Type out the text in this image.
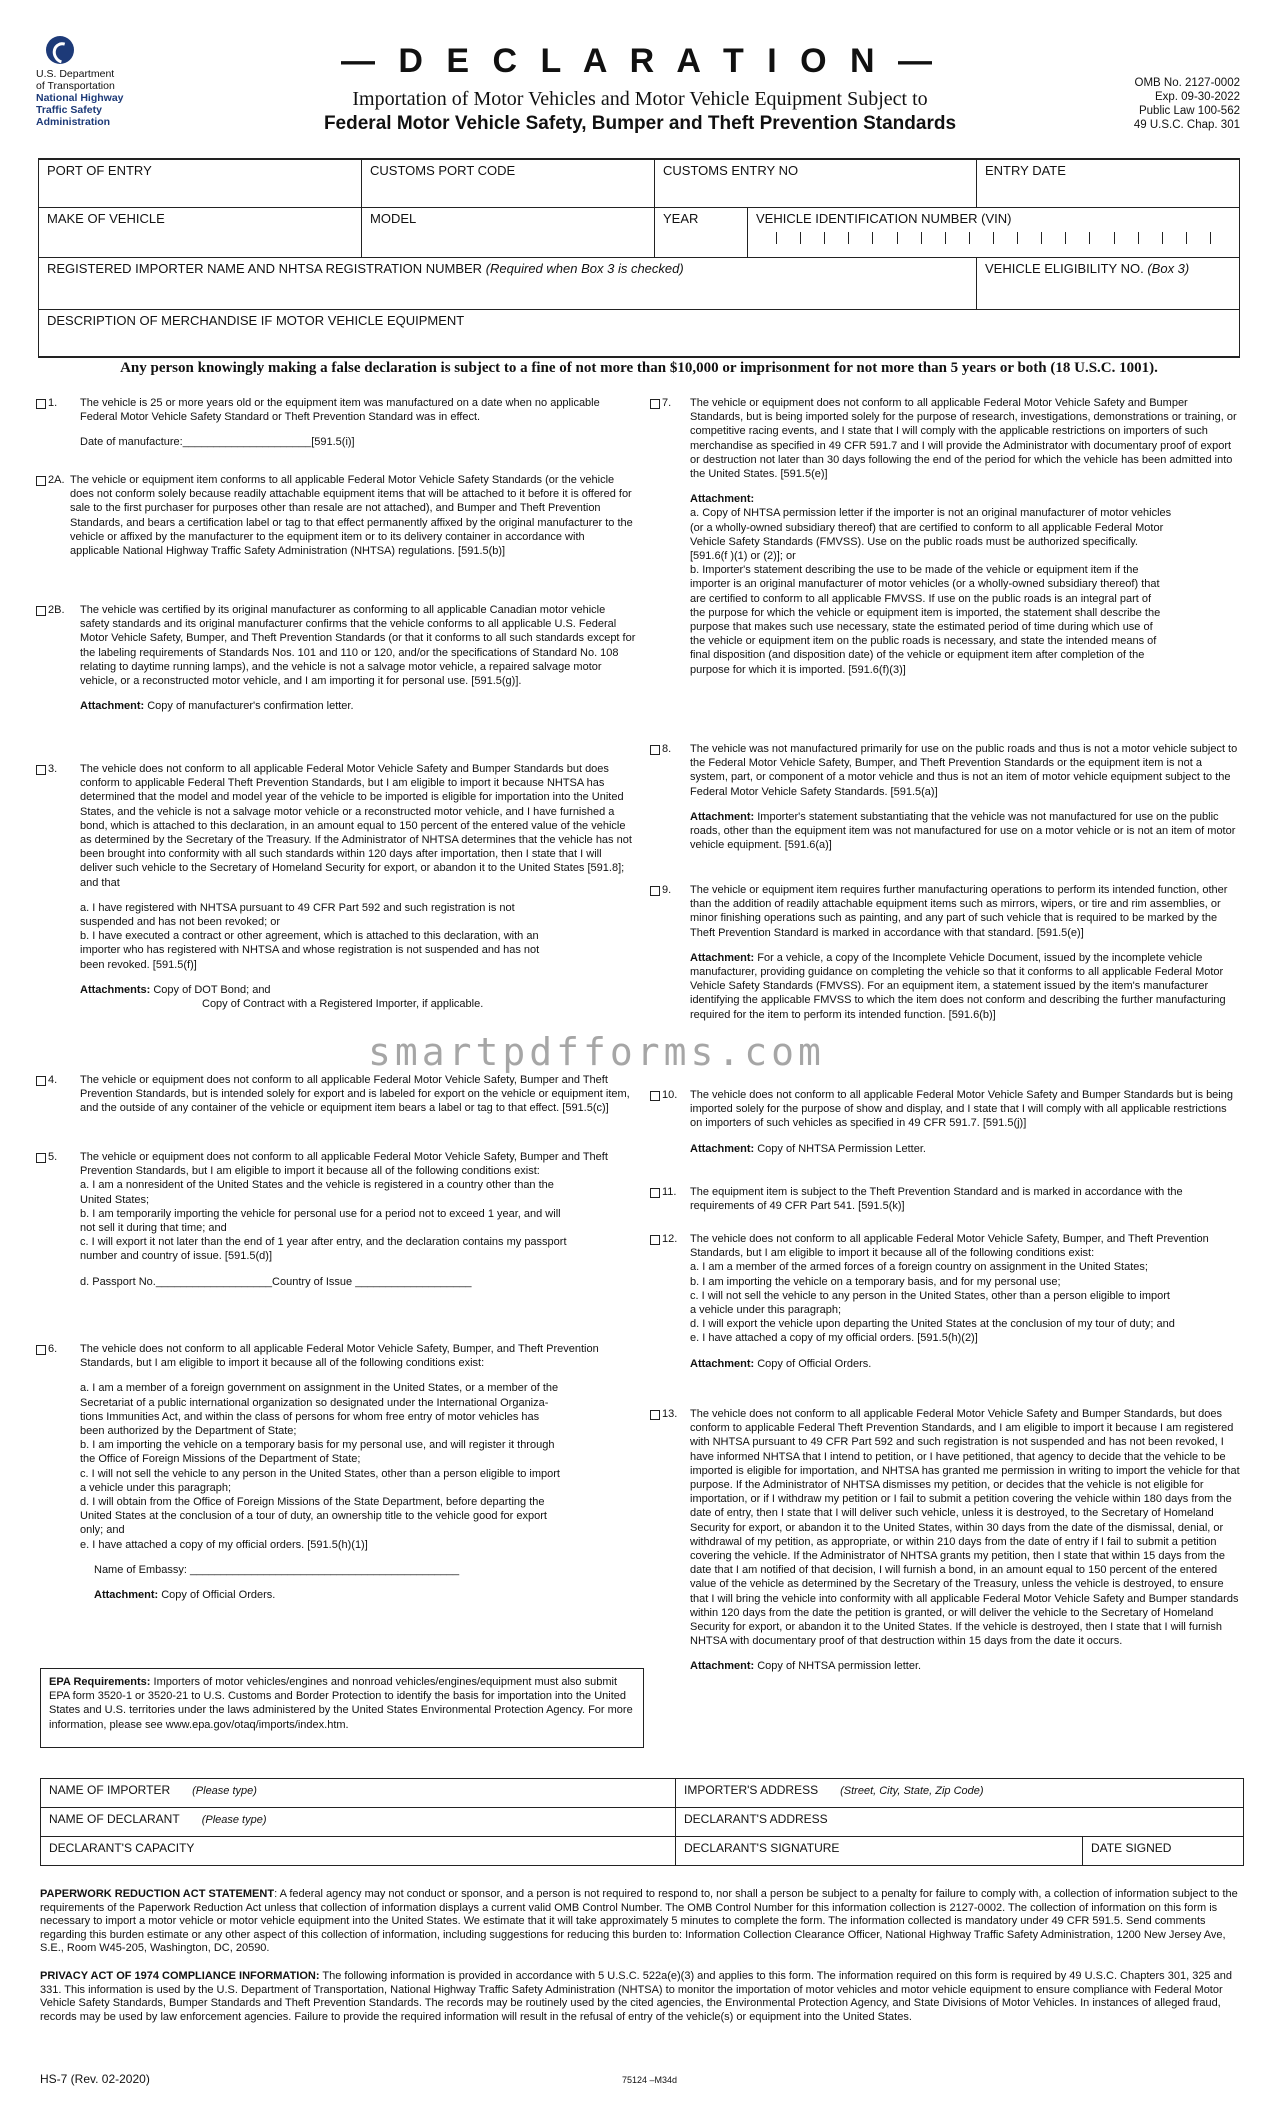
U.S. Department
of Transportation
National Highway
Traffic Safety
Administration
— D E C L A R A T I O N —
Importation of Motor Vehicles and Motor Vehicle Equipment Subject to
Federal Motor Vehicle Safety, Bumper and Theft Prevention Standards
OMB No. 2127-0002
Exp. 09-30-2022
Public Law 100-562
49 U.S.C. Chap. 301
PORT OF ENTRY	CUSTOMS PORT CODE	CUSTOMS ENTRY NO		ENTRY DATE
MAKE OF VEHICLE	MODEL	YEAR	VEHICLE IDENTIFICATION NUMBER (VIN)	

REGISTERED IMPORTER NAME AND NHTSA REGISTRATION NUMBER (Required when Box 3 is checked)				VEHICLE ELIGIBILITY NO. (Box 3)
DESCRIPTION OF MERCHANDISE IF MOTOR VEHICLE EQUIPMENT				
Any person knowingly making a false declaration is subject to a fine of not more than $10,000 or imprisonment for not more than 5 years or both (18 U.S.C. 1001).
1. The vehicle is 25 or more years old or the equipment item was manufactured on a date when no applicable Federal Motor Vehicle Safety Standard or Theft Prevention Standard was in effect.
Date of manufacture:_____________________[591.5(i)]
2A. The vehicle or equipment item conforms to all applicable Federal Motor Vehicle Safety Standards (or the vehicle does not conform solely because readily attachable equipment items that will be attached to it before it is offered for sale to the first purchaser for purposes other than resale are not attached), and Bumper and Theft Prevention Standards, and bears a certification label or tag to that effect permanently affixed by the original manufacturer to the vehicle or affixed by the manufacturer to the equipment item or to its delivery container in accordance with applicable National Highway Traffic Safety Administration (NHTSA) regulations. [591.5(b)]
2B. The vehicle was certified by its original manufacturer as conforming to all applicable Canadian motor vehicle safety standards and its original manufacturer confirms that the vehicle conforms to all applicable U.S. Federal Motor Vehicle Safety, Bumper, and Theft Prevention Standards (or that it conforms to all such standards except for the labeling requirements of Standards Nos. 101 and 110 or 120, and/or the specifications of Standard No. 108 relating to daytime running lamps), and the vehicle is not a salvage motor vehicle, a repaired salvage motor vehicle, or a reconstructed motor vehicle, and I am importing it for personal use. [591.5(g)].
Attachment: Copy of manufacturer's confirmation letter.
3. The vehicle does not conform to all applicable Federal Motor Vehicle Safety and Bumper Standards but does conform to applicable Federal Theft Prevention Standards, but I am eligible to import it because NHTSA has determined that the model and model year of the vehicle to be imported is eligible for importation into the United States, and the vehicle is not a salvage motor vehicle or a reconstructed motor vehicle, and I have furnished a bond, which is attached to this declaration, in an amount equal to 150 percent of the entered value of the vehicle as determined by the Secretary of the Treasury. If the Administrator of NHTSA determines that the vehicle has not been brought into conformity with all such standards within 120 days after importation, then I state that I will deliver such vehicle to the Secretary of Homeland Security for export, or abandon it to the United States [591.8]; and that
a. I have registered with NHTSA pursuant to 49 CFR Part 592 and such registration is not
suspended and has not been revoked; or
b. I have executed a contract or other agreement, which is attached to this declaration, with an
importer who has registered with NHTSA and whose registration is not suspended and has not
been revoked. [591.5(f)]
Attachments: Copy of DOT Bond; and
Copy of Contract with a Registered Importer, if applicable.
4. The vehicle or equipment does not conform to all applicable Federal Motor Vehicle Safety, Bumper and Theft Prevention Standards, but is intended solely for export and is labeled for export on the vehicle or equipment item, and the outside of any container of the vehicle or equipment item bears a label or tag to that effect. [591.5(c)]
5. The vehicle or equipment does not conform to all applicable Federal Motor Vehicle Safety, Bumper and Theft Prevention Standards, but I am eligible to import it because all of the following conditions exist:
a. I am a nonresident of the United States and the vehicle is registered in a country other than the
United States;
b. I am temporarily importing the vehicle for personal use for a period not to exceed 1 year, and will
not sell it during that time; and
c. I will export it not later than the end of 1 year after entry, and the declaration contains my passport
number and country of issue. [591.5(d)]
d. Passport No.___________________Country of Issue ___________________
6. The vehicle does not conform to all applicable Federal Motor Vehicle Safety, Bumper, and Theft Prevention Standards, but I am eligible to import it because all of the following conditions exist:
a. I am a member of a foreign government on assignment in the United States, or a member of the
Secretariat of a public international organization so designated under the International Organiza-
tions Immunities Act, and within the class of persons for whom free entry of motor vehicles has
been authorized by the Department of State;
b. I am importing the vehicle on a temporary basis for my personal use, and will register it through
the Office of Foreign Missions of the Department of State;
c. I will not sell the vehicle to any person in the United States, other than a person eligible to import
a vehicle under this paragraph;
d. I will obtain from the Office of Foreign Missions of the State Department, before departing the
United States at the conclusion of a tour of duty, an ownership title to the vehicle good for export
only; and
e. I have attached a copy of my official orders. [591.5(h)(1)]
Name of Embassy: ____________________________________________
Attachment: Copy of Official Orders.
EPA Requirements: Importers of motor vehicles/engines and nonroad vehicles/engines/equipment must also submit EPA form 3520-1 or 3520-21 to U.S. Customs and Border Protection to identify the basis for importation into the United States and U.S. territories under the laws administered by the United States Environmental Protection Agency. For more information, please see www.epa.gov/otaq/imports/index.htm.
7. The vehicle or equipment does not conform to all applicable Federal Motor Vehicle Safety and Bumper Standards, but is being imported solely for the purpose of research, investigations, demonstrations or training, or competitive racing events, and I state that I will comply with the applicable restrictions on importers of such merchandise as specified in 49 CFR 591.7 and I will provide the Administrator with documentary proof of export or destruction not later than 30 days following the end of the period for which the vehicle has been admitted into the United States. [591.5(e)]
Attachment:
a. Copy of NHTSA permission letter if the importer is not an original manufacturer of motor vehicles
(or a wholly-owned subsidiary thereof) that are certified to conform to all applicable Federal Motor
Vehicle Safety Standards (FMVSS). Use on the public roads must be authorized specifically.
[591.6(f )(1) or (2)]; or
b. Importer's statement describing the use to be made of the vehicle or equipment item if the
importer is an original manufacturer of motor vehicles (or a wholly-owned subsidiary thereof) that
are certified to conform to all applicable FMVSS. If use on the public roads is an integral part of
the purpose for which the vehicle or equipment item is imported, the statement shall describe the
purpose that makes such use necessary, state the estimated period of time during which use of
the vehicle or equipment item on the public roads is necessary, and state the intended means of
final disposition (and disposition date) of the vehicle or equipment item after completion of the
purpose for which it is imported. [591.6(f)(3)]
8. The vehicle was not manufactured primarily for use on the public roads and thus is not a motor vehicle subject to the Federal Motor Vehicle Safety, Bumper, and Theft Prevention Standards or the equipment item is not a system, part, or component of a motor vehicle and thus is not an item of motor vehicle equipment subject to the Federal Motor Vehicle Safety Standards. [591.5(a)]
Attachment: Importer's statement substantiating that the vehicle was not manufactured for use on the public roads, other than the equipment item was not manufactured for use on a motor vehicle or is not an item of motor vehicle equipment. [591.6(a)]
9. The vehicle or equipment item requires further manufacturing operations to perform its intended function, other than the addition of readily attachable equipment items such as mirrors, wipers, or tire and rim assemblies, or minor finishing operations such as painting, and any part of such vehicle that is required to be marked by the Theft Prevention Standard is marked in accordance with that standard. [591.5(e)]
Attachment: For a vehicle, a copy of the Incomplete Vehicle Document, issued by the incomplete vehicle manufacturer, providing guidance on completing the vehicle so that it conforms to all applicable Federal Motor Vehicle Safety Standards (FMVSS). For an equipment item, a statement issued by the item's manufacturer identifying the applicable FMVSS to which the item does not conform and describing the further manufacturing required for the item to perform its intended function. [591.6(b)]
10. The vehicle does not conform to all applicable Federal Motor Vehicle Safety and Bumper Standards but is being imported solely for the purpose of show and display, and I state that I will comply with all applicable restrictions on importers of such vehicles as specified in 49 CFR 591.7. [591.5(j)]
Attachment: Copy of NHTSA Permission Letter.
11. The equipment item is subject to the Theft Prevention Standard and is marked in accordance with the requirements of 49 CFR Part 541. [591.5(k)]
12. The vehicle does not conform to all applicable Federal Motor Vehicle Safety, Bumper, and Theft Prevention Standards, but I am eligible to import it because all of the following conditions exist:
a. I am a member of the armed forces of a foreign country on assignment in the United States;
b. I am importing the vehicle on a temporary basis, and for my personal use;
c. I will not sell the vehicle to any person in the United States, other than a person eligible to import
a vehicle under this paragraph;
d. I will export the vehicle upon departing the United States at the conclusion of my tour of duty; and
e. I have attached a copy of my official orders. [591.5(h)(2)]
Attachment: Copy of Official Orders.
13. The vehicle does not conform to all applicable Federal Motor Vehicle Safety and Bumper Standards, but does conform to applicable Federal Theft Prevention Standards, and I am eligible to import it because I am registered with NHTSA pursuant to 49 CFR Part 592 and such registration is not suspended and has not been revoked, I have informed NHTSA that I intend to petition, or I have petitioned, that agency to decide that the vehicle to be imported is eligible for importation, and NHTSA has granted me permission in writing to import the vehicle for that purpose. If the Administrator of NHTSA dismisses my petition, or decides that the vehicle is not eligible for importation, or if I withdraw my petition or I fail to submit a petition covering the vehicle within 180 days from the date of entry, then I state that I will deliver such vehicle, unless it is destroyed, to the Secretary of Homeland Security for export, or abandon it to the United States, within 30 days from the date of the dismissal, denial, or withdrawal of my petition, as appropriate, or within 210 days from the date of entry if I fail to submit a petition covering the vehicle. If the Administrator of NHTSA grants my petition, then I state that within 15 days from the date that I am notified of that decision, I will furnish a bond, in an amount equal to 150 percent of the entered value of the vehicle as determined by the Secretary of the Treasury, unless the vehicle is destroyed, to ensure that I will bring the vehicle into conformity with all applicable Federal Motor Vehicle Safety and Bumper standards within 120 days from the date the petition is granted, or will deliver the vehicle to the Secretary of Homeland Security for export, or abandon it to the United States. If the vehicle is destroyed, then I state that I will furnish NHTSA with documentary proof of that destruction within 15 days from the date it occurs.
Attachment: Copy of NHTSA permission letter.
smartpdfforms.com
NAME OF IMPORTER (Please type)	IMPORTER'S ADDRESS (Street, City, State, Zip Code)	
NAME OF DECLARANT (Please type)	DECLARANT'S ADDRESS	
DECLARANT'S CAPACITY	DECLARANT'S SIGNATURE	DATE SIGNED
PAPERWORK REDUCTION ACT STATEMENT: A federal agency may not conduct or sponsor, and a person is not required to respond to, nor shall a person be subject to a penalty for failure to comply with, a collection of information subject to the requirements of the Paperwork Reduction Act unless that collection of information displays a current valid OMB Control Number. The OMB Control Number for this information collection is 2127-0002. The collection of information on this form is necessary to import a motor vehicle or motor vehicle equipment into the United States. We estimate that it will take approximately 5 minutes to complete the form. The information collected is mandatory under 49 CFR 591.5. Send comments regarding this burden estimate or any other aspect of this collection of information, including suggestions for reducing this burden to: Information Collection Clearance Officer, National Highway Traffic Safety Administration, 1200 New Jersey Ave, S.E., Room W45-205, Washington, DC, 20590.
PRIVACY ACT OF 1974 COMPLIANCE INFORMATION: The following information is provided in accordance with 5 U.S.C. 522a(e)(3) and applies to this form. The information required on this form is required by 49 U.S.C. Chapters 301, 325 and 331. This information is used by the U.S. Department of Transportation, National Highway Traffic Safety Administration (NHTSA) to monitor the importation of motor vehicles and motor vehicle equipment to ensure compliance with Federal Motor Vehicle Safety Standards, Bumper Standards and Theft Prevention Standards. The records may be routinely used by the cited agencies, the Environmental Protection Agency, and State Divisions of Motor Vehicles. In instances of alleged fraud, records may be used by law enforcement agencies. Failure to provide the required information will result in the refusal of entry of the vehicle(s) or equipment into the United States.
HS-7 (Rev. 02-2020)	75124 –M34d
